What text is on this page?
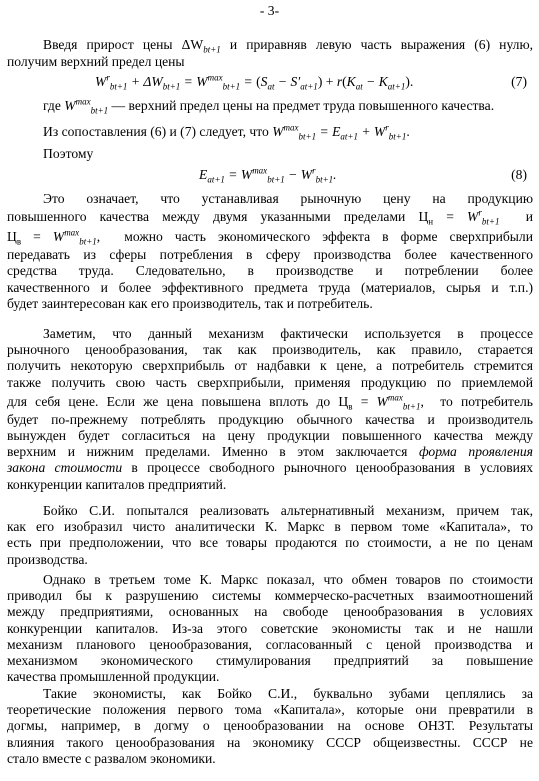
- 3-
Введя прирост цены $\Delta W_{bt+1}$ и приравняв левую часть выражения (6) нулю,
получим верхний предел цены
$W^r_{bt+1} + \Delta W_{bt+1} = W^{max}_{bt+1} = (S_{at} - S'_{at+1}) + r(K_{at} - K_{at+1})$.	(7)
где $W^{max}_{bt+1}$ — верхний предел цены на предмет труда повышенного качества.
Из сопоставления (6) и (7) следует, что $W^{max}_{bt+1} = E_{at+1} + W^r_{bt+1}$.
Поэтому
$E_{at+1} = W^{max}_{bt+1} - W^r_{bt+1}$.	(8)
Это означает, что устанавливая рыночную цену на продукцию
повышенного качества между двумя указанными пределами $Ц_н = W^r_{bt+1}$  и
$Ц_в = W^{max}_{bt+1}$,  можно часть экономического эффекта в форме сверхприбыли
передавать из сферы потребления в сферу производства более качественного
средства труда. Следовательно, в производстве и потреблении более
качественного и более эффективного предмета труда (материалов, сырья и т.п.)
будет заинтересован как его производитель, так и потребитель.
Заметим, что данный механизм фактически используется в процессе
рыночного ценообразования, так как производитель, как правило, старается
получить некоторую сверхприбыль от надбавки к цене, а потребитель стремится
также получить свою часть сверхприбыли, применяя продукцию по приемлемой
для себя цене. Если же цена повышена вплоть до $Ц_в = W^{max}_{bt+1}$,  то потребитель
будет по-прежнему потреблять продукцию обычного качества и производитель
вынужден будет согласиться на цену продукции повышенного качества между
верхним и нижним пределами. Именно в этом заключается форма проявления
закона стоимости в процессе свободного рыночного ценообразования в условиях
конкуренции капиталов предприятий.
Бойко С.И. попытался реализовать альтернативный механизм, причем так,
как его изобразил чисто аналитически К. Маркс в первом томе «Капитала», то
есть при предположении, что все товары продаются по стоимости, а не по ценам
производства.
Однако в третьем томе К. Маркс показал, что обмен товаров по стоимости
приводил бы к разрушению системы коммерческо-расчетных взаимоотношений
между предприятиями, основанных на свободе ценообразования в условиях
конкуренции капиталов. Из-за этого советские экономисты так и не нашли
механизм планового ценообразования, согласованный с ценой производства и
механизмом экономического стимулирования предприятий за повышение
качества промышленной продукции.
Такие экономисты, как Бойко С.И., буквально зубами цеплялись за
теоретические положения первого тома «Капитала», которые они превратили в
догмы, например, в догму о ценообразовании на основе ОНЗТ. Результаты
влияния такого ценообразования на экономику СССР общеизвестны. СССР не
стало вместе с развалом экономики.
